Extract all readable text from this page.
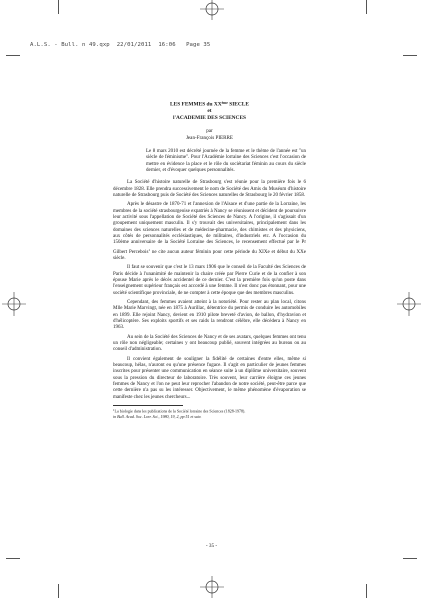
A.L.S. - Bull. n 49.qxp 22/01/2011 16:06 Page 35
LES FEMMES du XXème SIECLE
et
l'ACADEMIE DES SCIENCES
par
Jean-François PIERRE
Le 8 mars 2010 est décrété journée de la femme et le thème de l'année est "un siècle de féminisme". Pour l'Académie lorraine des Sciences c'est l'occasion de mettre en évidence la place et le rôle du sociétariat féminin au cours du siècle dernier, et d'évoquer quelques personnalités.

La Société d'histoire naturelle de Strasbourg s'est réunie pour la première fois le 6 décembre 1828. Elle prendra successivement le nom de Société des Amis du Muséum d'histoire naturelle de Strasbourg puis de Société des Sciences naturelles de Strasbourg le 20 février 1858.

Après le désastre de 1870-71 et l'annexion de l'Alsace et d'une partie de la Lorraine, les membres de la société strasbourgeoise expatriés à Nancy se réunissent et décident de poursuivre leur activité sous l'appellation de Société des Sciences de Nancy. A l'origine, il s'agissait d'un groupement uniquement masculin. Il s'y trouvait des universitaires, principalement dans les domaines des sciences naturelles et de médecine-pharmacie, des chimistes et des physiciens, aux côtés de personnalités ecclésiastiques, de militaires, d'industriels etc. A l'occasion du 150ème anniversaire de la Société Lorraine des Sciences, le recensement effectué par le Pr Gilbert Percebois$^1$ ne cite aucun auteur féminin pour cette période du XIXe et début du XXe siècle.

Il faut se souvenir que c'est le 13 mars 1906 que le conseil de la Faculté des Sciences de Paris décide à l'unanimité de maintenir la chaire créée par Pierre Curie et de la confier à son épouse Marie après le décès accidentel de ce dernier. C'est la première fois qu'un poste dans l'enseignement supérieur français est accordé à une femme. Il n'est donc pas étonnant, pour une société scientifique provinciale, de ne compter à cette époque que des membres masculins.

Cependant, des femmes avaient atteint à la notoriété. Pour rester au plan local, citons Mlle Marie Marvingt, née en 1875 à Aurillac, détentrice du permis de conduire les automobiles en 1899. Elle rejoint Nancy, devient en 1910 pilote breveté d'avion, de ballon, d'hydravion et d'hélicoptère. Ses exploits sportifs et ses raids la rendront célèbre, elle décèdera à Nancy en 1963.

Au sein de la Société des Sciences de Nancy et de ses avatars, quelques femmes ont tenu un rôle non négligeable; certaines y ont beaucoup publié, souvent intégrées au bureau ou au conseil d'administration.

Il convient également de souligner la fidélité de certaines d'entre elles, même si beaucoup, hélas, n'auront eu qu'une présence fugace. Il s'agit en particulier de jeunes femmes inscrites pour présenter une communication en séance suite à un diplôme universitaire, souvent sous la pression du directeur de laboratoire. Très souvent, leur carrière éloigne ces jeunes femmes de Nancy et l'on ne peut leur reprocher l'abandon de notre société, peut-être parce que cette dernière n'a pas su les intéresser. Objectivement, le même phénomène d'évaporation se manifeste chez les jeunes chercheurs...

$^1$La biologie dans les publications de la Société lorraine des Sciences (1828-1978).
in Bull. Acad. Soc. Lorr. Sci., 1980, 19, 2, pp 51 et suiv.
- 35 -
